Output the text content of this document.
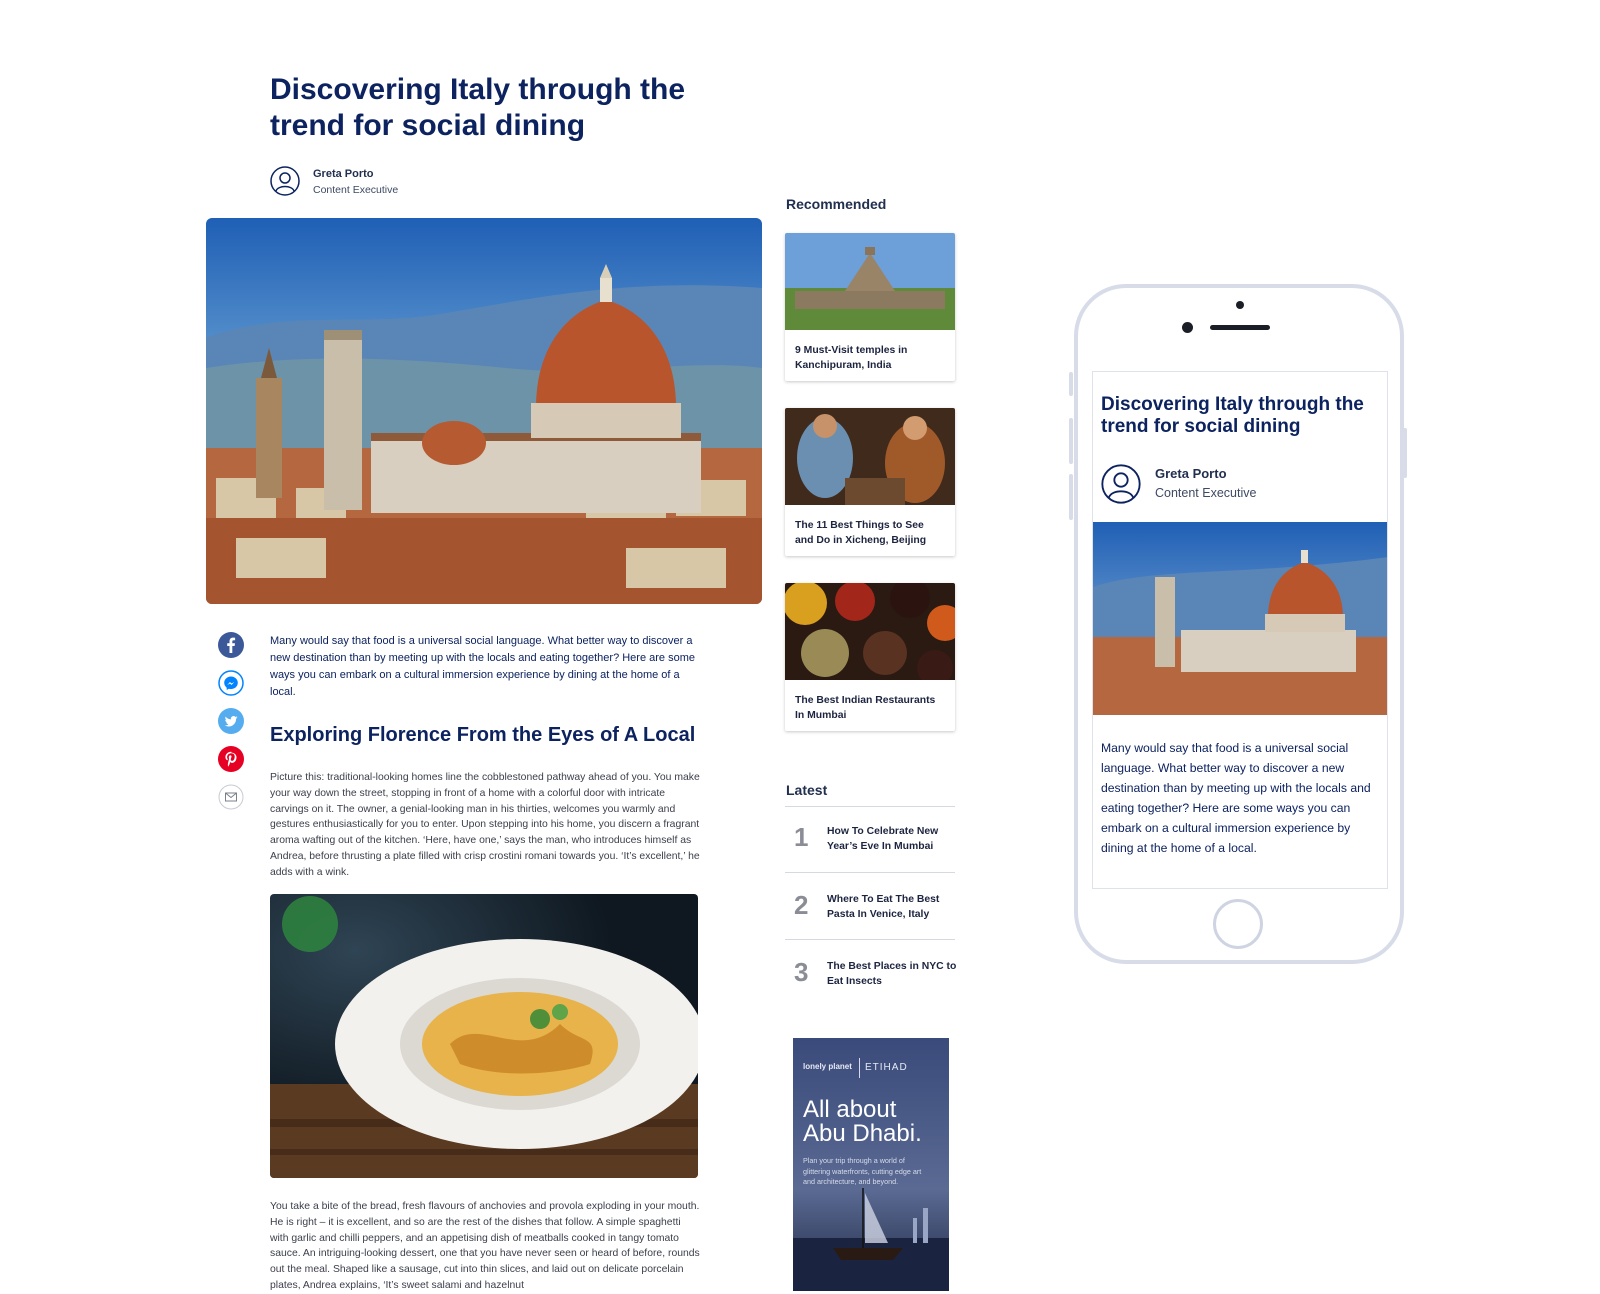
Discovering Italy through the trend for social dining
Greta Porto
Content Executive

Many would say that food is a universal social language. What better way to discover a new destination than by meeting up with the locals and eating together? Here are some ways you can embark on a cultural immersion experience by dining at the home of a local.

Exploring Florence From the Eyes of A Local

Picture this: traditional-looking homes line the cobblestoned pathway ahead of you. You make your way down the street, stopping in front of a home with a colorful door with intricate carvings on it. The owner, a genial-looking man in his thirties, welcomes you warmly and gestures enthusiastically for you to enter. Upon stepping into his home, you discern a fragrant aroma wafting out of the kitchen. ‘Here, have one,’ says the man, who introduces himself as Andrea, before thrusting a plate filled with crisp crostini romani towards you. ‘It’s excellent,’ he adds with a wink.

You take a bite of the bread, fresh flavours of anchovies and provola exploding in your mouth. He is right – it is excellent, and so are the rest of the dishes that follow. A simple spaghetti with garlic and chilli peppers, and an appetising dish of meatballs cooked in tangy tomato sauce. An intriguing-looking dessert, one that you have never seen or heard of before, rounds out the meal. Shaped like a sausage, cut into thin slices, and laid out on delicate porcelain plates, Andrea explains, ‘It’s sweet salami and hazelnut

Recommended
9 Must-Visit temples in Kanchipuram, India
The 11 Best Things to See and Do in Xicheng, Beijing
The Best Indian Restaurants In Mumbai
Latest
1 How To Celebrate New Year’s Eve In Mumbai
2 Where To Eat The Best Pasta In Venice, Italy
3 The Best Places in NYC to Eat Insects
lonely planet ETIHAD
All about Abu Dhabi.
Plan your trip through a world of glittering waterfronts, cutting edge art and architecture, and beyond.
Discovering Italy through the trend for social dining
Greta Porto
Content Executive

Many would say that food is a universal social language. What better way to discover a new destination than by meeting up with the locals and eating together? Here are some ways you can embark on a cultural immersion experience by dining at the home of a local.
